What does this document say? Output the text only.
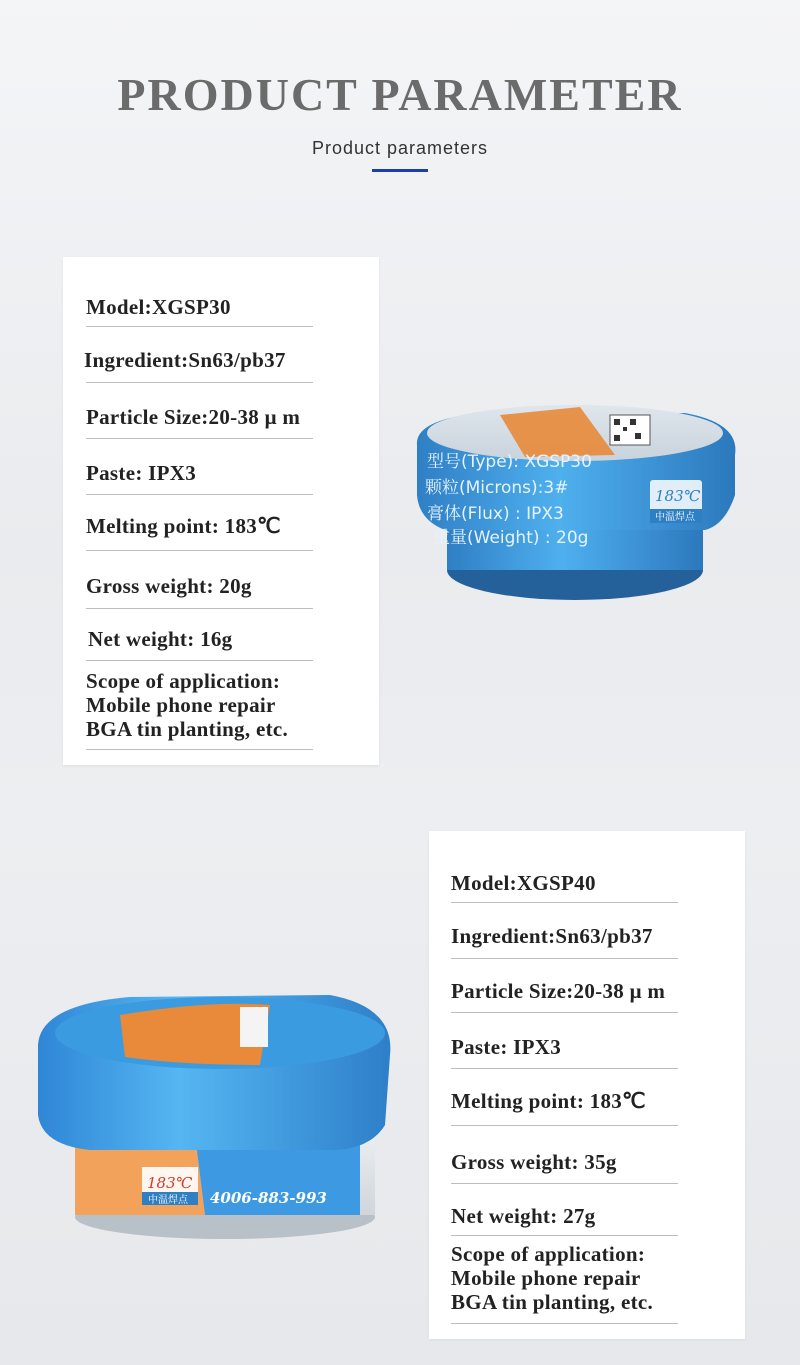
PRODUCT PARAMETER
Product parameters
Model:XGSP30
Ingredient:Sn63/pb37
Particle Size:20-38 μ m
Paste: IPX3
Melting point: 183℃
Gross weight: 20g
Net weight: 16g
Scope of application:
Mobile phone repair
BGA tin planting, etc.
型号(Type): XGSP30
颗粒(Microns):3#
膏体(Flux) : IPX3
重量(Weight) : 20g
183℃
中温焊点
Model:XGSP40
Ingredient:Sn63/pb37
Particle Size:20-38 μ m
Paste: IPX3
Melting point: 183℃
Gross weight: 35g
Net weight: 27g
Scope of application:
Mobile phone repair
BGA tin planting, etc.
183℃
中温焊点 4006-883-993
